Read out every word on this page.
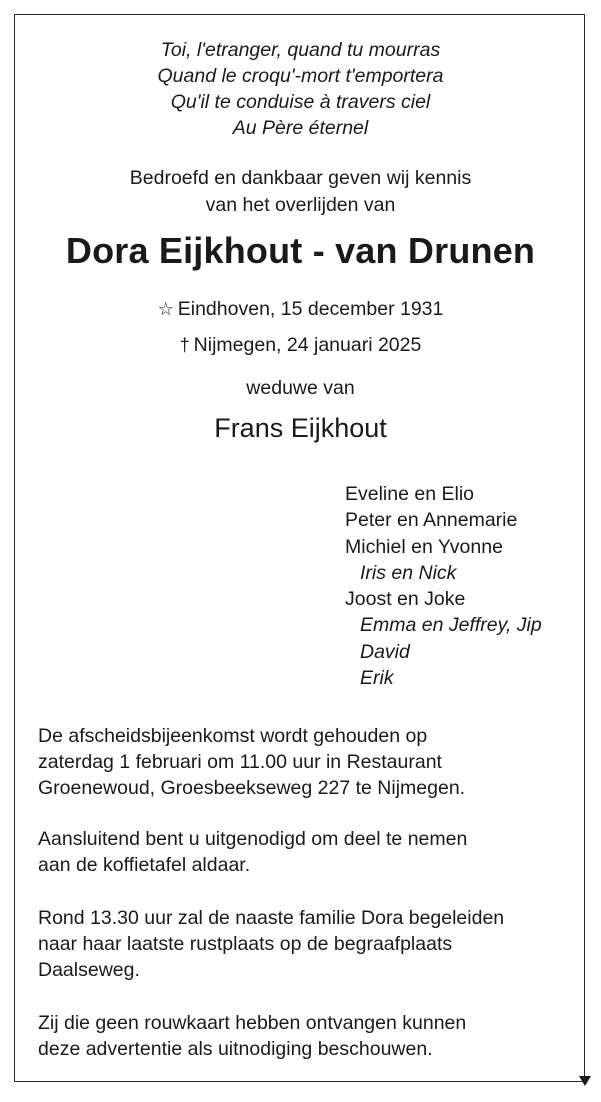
Toi, l'etranger, quand tu mourras
Quand le croqu'-mort t'emportera
Qu'il te conduise à travers ciel
Au Père éternel
Bedroefd en dankbaar geven wij kennis
van het overlijden van
Dora Eijkhout - van Drunen
☆ Eindhoven, 15 december 1931
† Nijmegen, 24 januari 2025
weduwe van
Frans Eijkhout
Eveline en Elio
Peter en Annemarie
Michiel en Yvonne
Iris en Nick
Joost en Joke
Emma en Jeffrey, Jip
David
Erik
De afscheidsbijeenkomst wordt gehouden op
zaterdag 1 februari om 11.00 uur in Restaurant
Groenewoud, Groesbeekseweg 227 te Nijmegen.
Aansluitend bent u uitgenodigd om deel te nemen
aan de koffietafel aldaar.
Rond 13.30 uur zal de naaste familie Dora begeleiden
naar haar laatste rustplaats op de begraafplaats
Daalseweg.
Zij die geen rouwkaart hebben ontvangen kunnen
deze advertentie als uitnodiging beschouwen.
